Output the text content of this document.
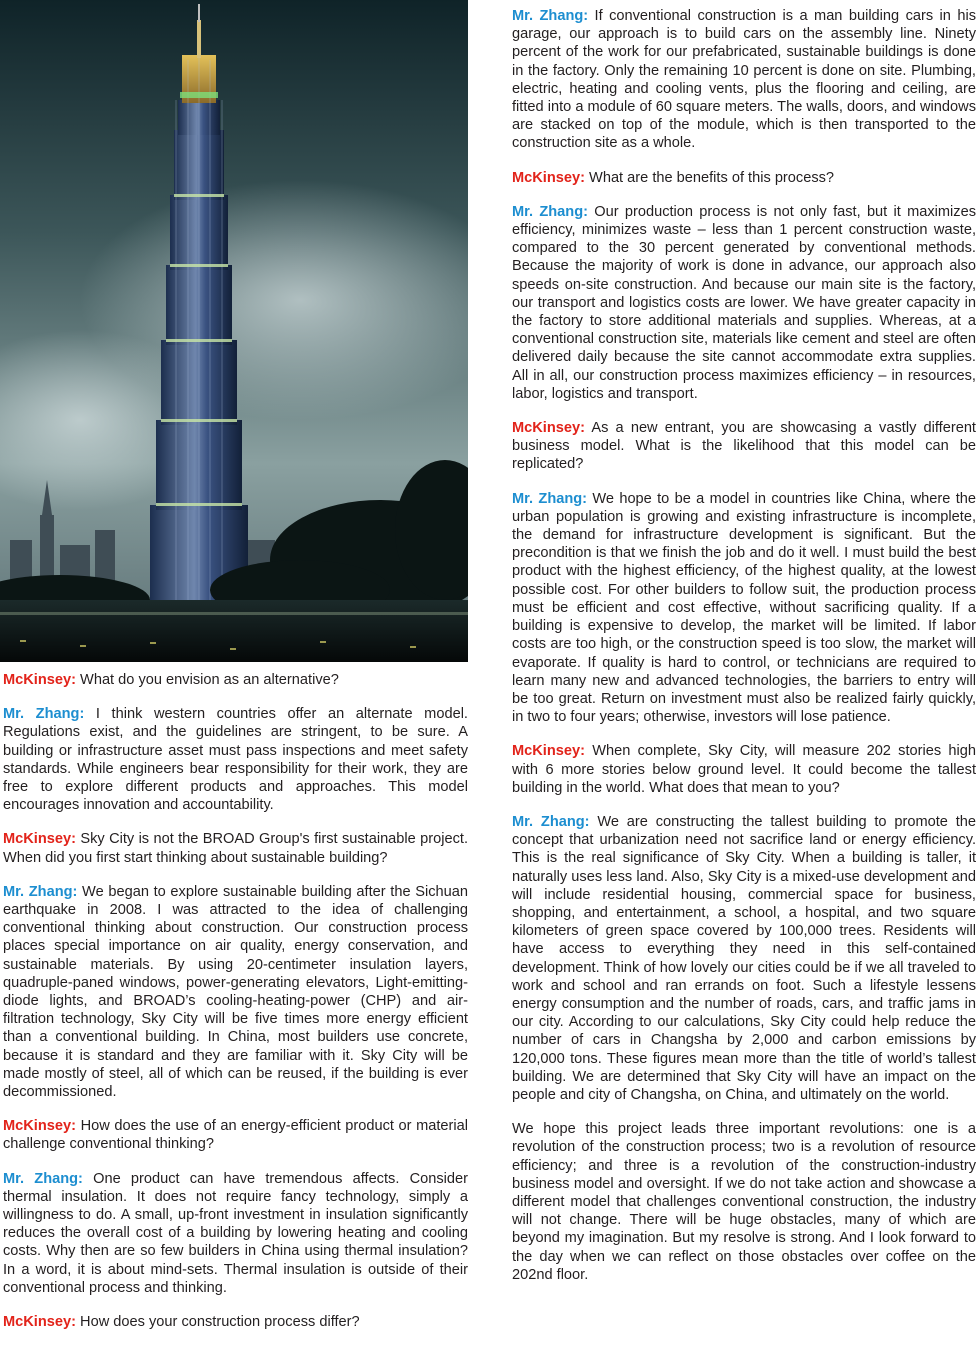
McKinsey: What do you envision as an alternative?

Mr. Zhang: I think western countries offer an alternate model. Regulations exist, and the guidelines are stringent, to be sure. A building or infrastructure asset must pass inspections and meet safety standards. While engineers bear responsibility for their work, they are free to explore different products and approaches. This model encourages innovation and accountability.

McKinsey: Sky City is not the BROAD Group's first sustainable project. When did you first start thinking about sustainable building?

Mr. Zhang: We began to explore sustainable building after the Sichuan earthquake in 2008. I was attracted to the idea of challenging conventional thinking about construction. Our construction process places special importance on air quality, energy conservation, and sustainable materials. By using 20-centimeter insulation layers, quadruple-paned windows, power-generating elevators, Light-emitting-diode lights, and BROAD’s cooling-heating-power (CHP) and air-filtration technology, Sky City will be five times more energy efficient than a conventional building. In China, most builders use concrete, because it is standard and they are familiar with it. Sky City will be made mostly of steel, all of which can be reused, if the building is ever decommissioned.

McKinsey: How does the use of an energy-efficient product or material challenge conventional thinking?

Mr. Zhang: One product can have tremendous affects. Consider thermal insulation. It does not require fancy technology, simply a willingness to do. A small, up-front investment in insulation significantly reduces the overall cost of a building by lowering heating and cooling costs. Why then are so few builders in China using thermal insulation? In a word, it is about mind-sets. Thermal insulation is outside of their conventional process and thinking.

McKinsey: How does your construction process differ?

Mr. Zhang: If conventional construction is a man building cars in his garage, our approach is to build cars on the assembly line. Ninety percent of the work for our prefabricated, sustainable buildings is done in the factory. Only the remaining 10 percent is done on site. Plumbing, electric, heating and cooling vents, plus the flooring and ceiling, are fitted into a module of 60 square meters. The walls, doors, and windows are stacked on top of the module, which is then transported to the construction site as a whole.

McKinsey: What are the benefits of this process?

Mr. Zhang: Our production process is not only fast, but it maximizes efficiency, minimizes waste – less than 1 percent construction waste, compared to the 30 percent generated by conventional methods. Because the majority of work is done in advance, our approach also speeds on-site construction. And because our main site is the factory, our transport and logistics costs are lower. We have greater capacity in the factory to store additional materials and supplies. Whereas, at a conventional construction site, materials like cement and steel are often delivered daily because the site cannot accommodate extra supplies. All in all, our construction process maximizes efficiency – in resources, labor, logistics and transport.

McKinsey: As a new entrant, you are showcasing a vastly different business model. What is the likelihood that this model can be replicated?

Mr. Zhang: We hope to be a model in countries like China, where the urban population is growing and existing infrastructure is incomplete, the demand for infrastructure development is significant. But the precondition is that we finish the job and do it well. I must build the best product with the highest efficiency, of the highest quality, at the lowest possible cost. For other builders to follow suit, the production process must be efficient and cost effective, without sacrificing quality. If a building is expensive to develop, the market will be limited. If labor costs are too high, or the construction speed is too slow, the market will evaporate. If quality is hard to control, or technicians are required to learn many new and advanced technologies, the barriers to entry will be too great. Return on investment must also be realized fairly quickly, in two to four years; otherwise, investors will lose patience.

McKinsey: When complete, Sky City, will measure 202 stories high with 6 more stories below ground level. It could become the tallest building in the world. What does that mean to you?

Mr. Zhang: We are constructing the tallest building to promote the concept that urbanization need not sacrifice land or energy efficiency. This is the real significance of Sky City. When a building is taller, it naturally uses less land. Also, Sky City is a mixed-use development and will include residential housing, commercial space for business, shopping, and entertainment, a school, a hospital, and two square kilometers of green space covered by 100,000 trees. Residents will have access to everything they need in this self-contained development. Think of how lovely our cities could be if we all traveled to work and school and ran errands on foot. Such a lifestyle lessens energy consumption and the number of roads, cars, and traffic jams in our city. According to our calculations, Sky City could help reduce the number of cars in Changsha by 2,000 and carbon emissions by 120,000 tons. These figures mean more than the title of world’s tallest building. We are determined that Sky City will have an impact on the people and city of Changsha, on China, and ultimately on the world.

We hope this project leads three important revolutions: one is a revolution of the construction process; two is a revolution of resource efficiency; and three is a revolution of the construction-industry business model and oversight. If we do not take action and showcase a different model that challenges conventional construction, the industry will not change. There will be huge obstacles, many of which are beyond my imagination. But my resolve is strong. And I look forward to the day when we can reflect on those obstacles over coffee on the 202nd floor.
